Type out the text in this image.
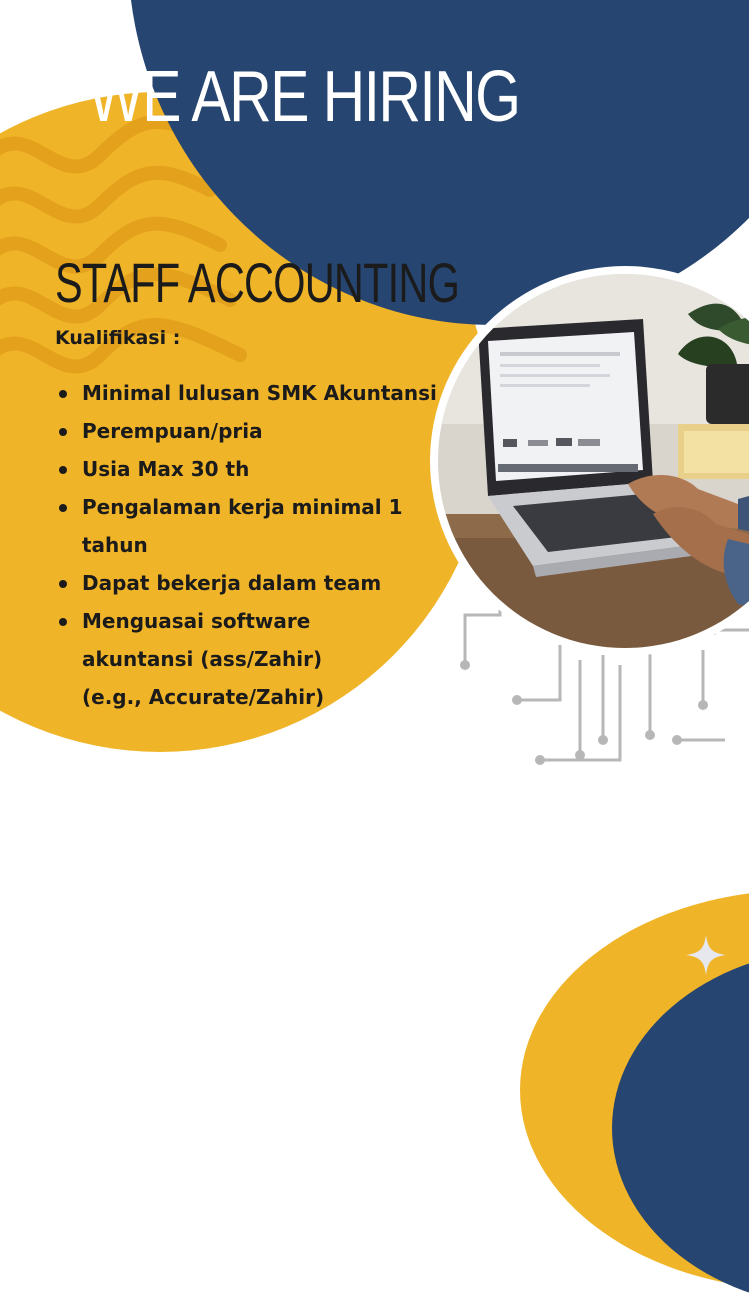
WE ARE HIRING
STAFF ACCOUNTING
Kualifikasi :
Minimal lulusan SMK Akuntansi
Perempuan/pria
Usia Max 30 th
Pengalaman kerja minimal 1 tahun
Dapat bekerja dalam team
Menguasai software akuntansi (ass/Zahir) (e.g., Accurate/Zahir)
